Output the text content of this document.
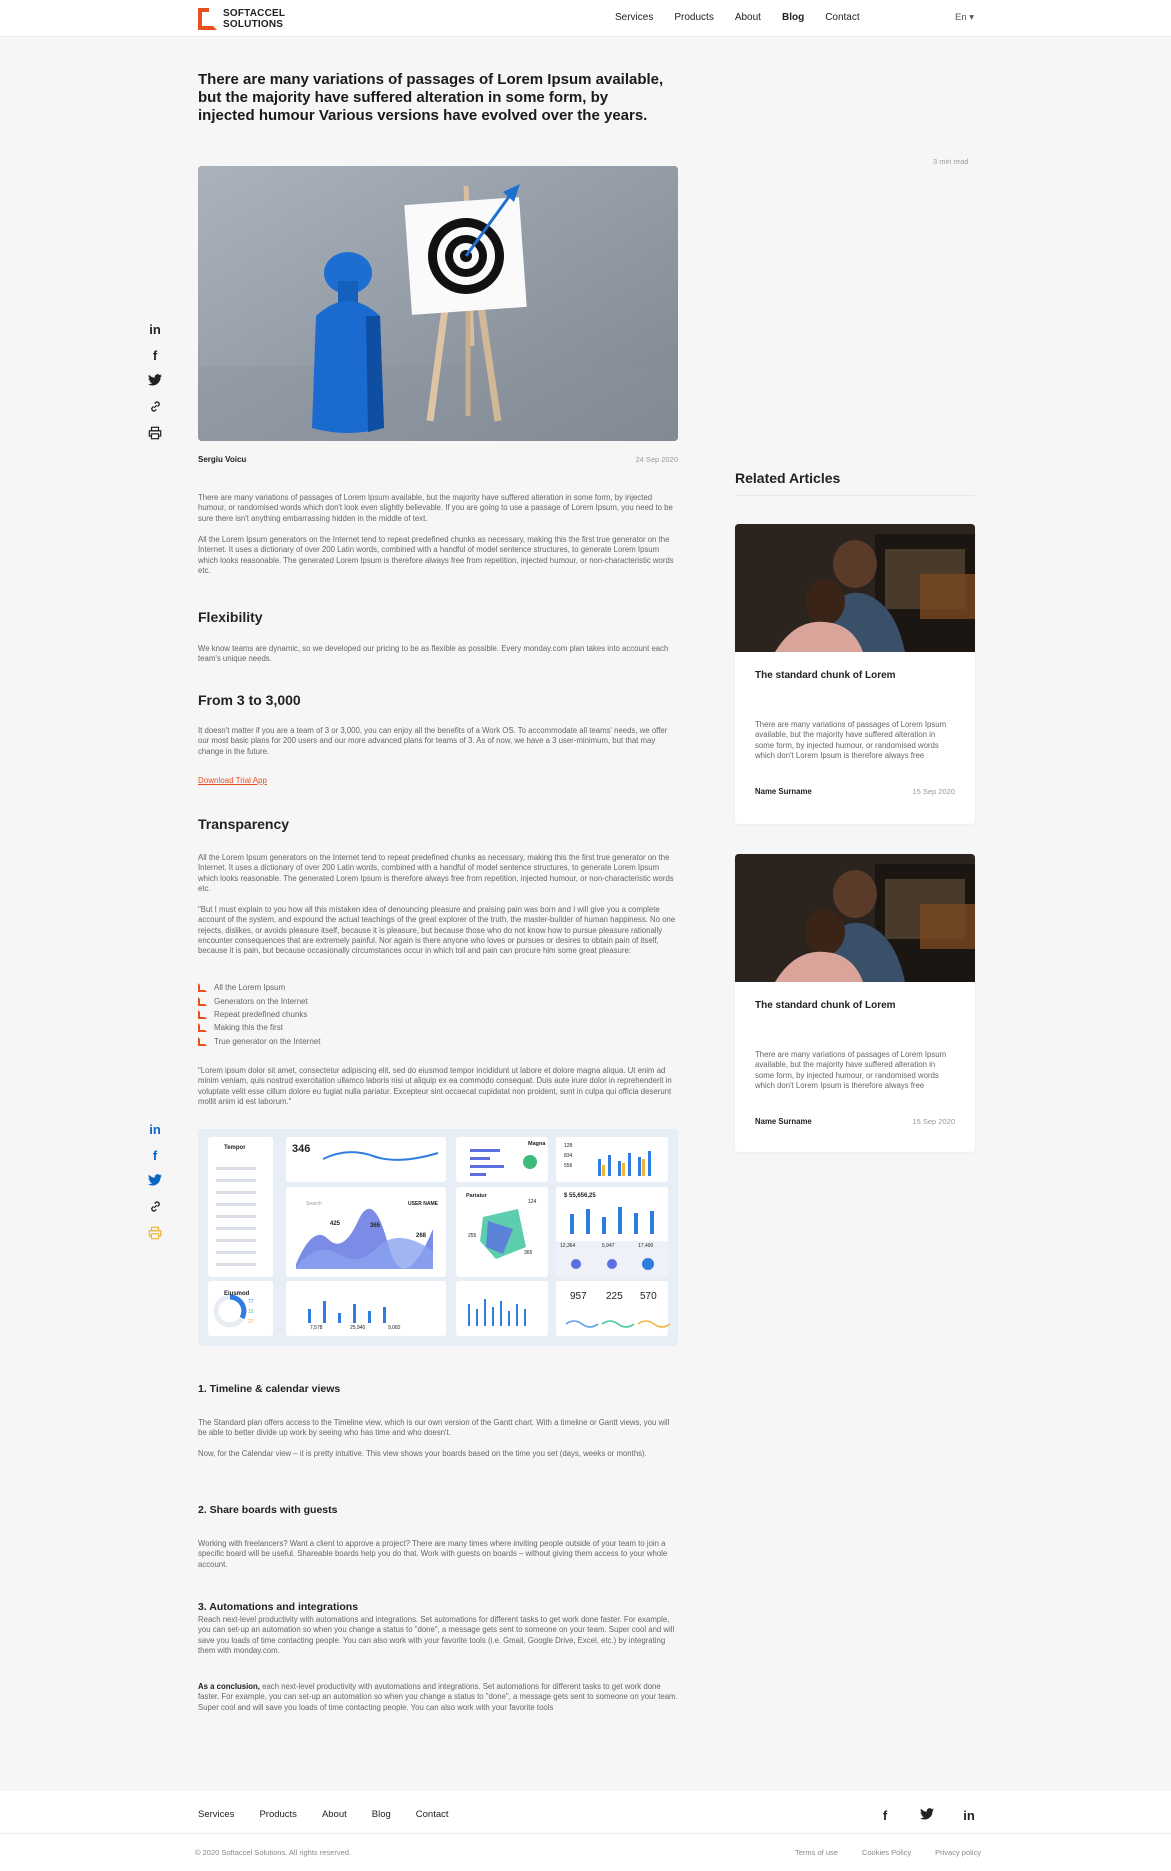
SOFTACCEL
SOLUTIONS
Services Products About Blog Contact	En ▾
There are many variations of passages of Lorem Ipsum available, but the majority have suffered alteration in some form, by injected humour Various versions have evolved over the years.
3 min read
in
f
Sergiu Voicu	24 Sep 2020

There are many variations of passages of Lorem Ipsum available, but the majority have suffered alteration in some form, by injected humour, or randomised words which don't look even slightly believable. If you are going to use a passage of Lorem Ipsum, you need to be sure there isn't anything embarrassing hidden in the middle of text.

All the Lorem Ipsum generators on the Internet tend to repeat predefined chunks as necessary, making this the first true generator on the Internet. It uses a dictionary of over 200 Latin words, combined with a handful of model sentence structures, to generate Lorem Ipsum which looks reasonable. The generated Lorem Ipsum is therefore always free from repetition, injected humour, or non-characteristic words etc.

Flexibility

We know teams are dynamic, so we developed our pricing to be as flexible as possible. Every monday.com plan takes into account each team's unique needs.

From 3 to 3,000

It doesn't matter if you are a team of 3 or 3,000, you can enjoy all the benefits of a Work OS. To accommodate all teams' needs, we offer our most basic plans for 200 users and our more advanced plans for teams of 3. As of now, we have a 3 user-minimum, but that may change in the future.

Download Trial App
Transparency

All the Lorem Ipsum generators on the Internet tend to repeat predefined chunks as necessary, making this the first true generator on the Internet. It uses a dictionary of over 200 Latin words, combined with a handful of model sentence structures, to generate Lorem Ipsum which looks reasonable. The generated Lorem Ipsum is therefore always free from repetition, injected humour, or non-characteristic words etc.

"But I must explain to you how all this mistaken idea of denouncing pleasure and praising pain was born and I will give you a complete account of the system, and expound the actual teachings of the great explorer of the truth, the master-builder of human happiness. No one rejects, dislikes, or avoids pleasure itself, because it is pleasure, but because those who do not know how to pursue pleasure rationally encounter consequences that are extremely painful. Nor again is there anyone who loves or pursues or desires to obtain pain of itself, because it is pain, but because occasionally circumstances occur in which toil and pain can procure him some great pleasure:

All the Lorem Ipsum
Generators on the Internet
Repeat predefined chunks
Making this the first
True generator on the Internet

"Lorem ipsum dolor sit amet, consectetur adipiscing elit, sed do eiusmod tempor incididunt ut labore et dolore magna aliqua. Ut enim ad minim veniam, quis nostrud exercitation ullamco laboris nisi ut aliquip ex ea commodo consequat. Duis aute irure dolor in reprehenderit in voluptate velit esse cillum dolore eu fugiat nulla pariatur. Excepteur sint occaecat cupidatat non proident, sunt in culpa qui officia deserunt mollit anim id est laborum."

in
f	Tempor
Eiusmod
77
15
37
346
Search	USER NAME
425	365
268
7,578	25,940	9,082
Magna
Pariatur
124
255
365
128
834
556
$ 55,656,25
12,364	5,947	17,490
957 225 570
1. Timeline & calendar views

The Standard plan offers access to the Timeline view, which is our own version of the Gantt chart. With a timeline or Gantt views, you will be able to better divide up work by seeing who has time and who doesn't.

Now, for the Calendar view – it is pretty intuitive. This view shows your boards based on the time you set (days, weeks or months).

2. Share boards with guests

Working with freelancers? Want a client to approve a project? There are many times where inviting people outside of your team to join a specific board will be useful. Shareable boards help you do that. Work with guests on boards – without giving them access to your whole account.

3. Automations and integrations

Reach next-level productivity with automations and integrations. Set automations for different tasks to get work done faster. For example, you can set-up an automation so when you change a status to "done", a message gets sent to someone on your team. Super cool and will save you loads of time contacting people. You can also work with your favorite tools (i.e. Gmail, Google Drive, Excel, etc.) by integrating them with monday.com.

As a conclusion, each next-level productivity with avutomations and integrations. Set automations for different tasks to get work done faster. For example, you can set-up an automation so when you change a status to "done", a message gets sent to someone on your team. Super cool and will save you loads of time contacting people. You can also work with your favorite tools

Related Articles
The standard chunk of Lorem
There are many variations of passages of Lorem Ipsum available, but the majority have suffered alteration in some form, by injected humour, or randomised words which don't Lorem Ipsum is therefore always free
Name Surname	15 Sep 2020
The standard chunk of Lorem
There are many variations of passages of Lorem Ipsum available, but the majority have suffered alteration in some form, by injected humour, or randomised words which don't Lorem Ipsum is therefore always free
Name Surname	15 Sep 2020
Services	Products	About	Blog	Contact	f	in
© 2020 Softaccel Solutions. All rights reserved.	Terms of use	Cookies Policy	Privacy policy
